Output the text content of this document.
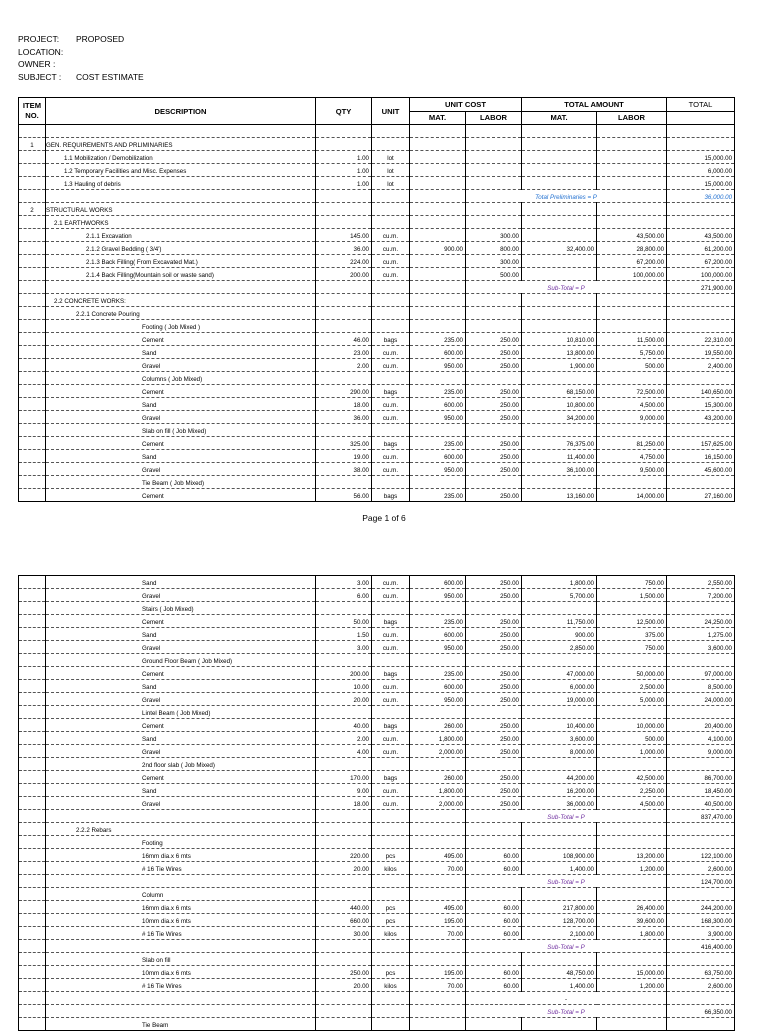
PROJECT: PROPOSED
LOCATION:
OWNER :
SUBJECT : COST ESTIMATE
ITEM
NO.	DESCRIPTION	QTY	UNIT	UNIT COST		TOTAL AMOUNT		TOTAL
				MAT.	LABOR	MAT.	LABOR	

1	GEN. REQUIREMENTS AND PRLIMINARIES							
	1.1 Mobilization / Demobilization	1.00	lot					15,000.00
	1.2 Temporary Facilities and Misc. Expenses	1.00	lot					6,000.00
	1.3 Hauling of debris	1.00	lot					15,000.00
					Total Preliminaries = P			36,000.00
2	STRUCTURAL WORKS							
	2.1 EARTHWORKS							
	2.1.1 Excavation	145.00	cu.m.		300.00		43,500.00	43,500.00
	2.1.2 Gravel Bedding ( 3/4')	36.00	cu.m.	900.00	800.00	32,400.00	28,800.00	61,200.00
	2.1.3 Back Filling( From Excavated Mat.)	224.00	cu.m.		300.00		67,200.00	67,200.00
	2.1.4 Back Filling(Mountain soil or waste sand)	200.00	cu.m.		500.00		100,000.00	100,000.00
					Sub-Total = P			271,900.00
	2.2 CONCRETE WORKS:							
	2.2.1 Concrete Pouring							
	Footing ( Job Mixed )							
	Cement	46.00	bags	235.00	250.00	10,810.00	11,500.00	22,310.00
	Sand	23.00	cu.m.	600.00	250.00	13,800.00	5,750.00	19,550.00
	Gravel	2.00	cu.m.	950.00	250.00	1,900.00	500.00	2,400.00
	Columns ( Job Mixed)							
	Cement	290.00	bags	235.00	250.00	68,150.00	72,500.00	140,650.00
	Sand	18.00	cu.m.	600.00	250.00	10,800.00	4,500.00	15,300.00
	Gravel	36.00	cu.m.	950.00	250.00	34,200.00	9,000.00	43,200.00
	Slab on fill ( Job Mixed)							
	Cement	325.00	bags	235.00	250.00	76,375.00	81,250.00	157,625.00
	Sand	19.00	cu.m.	600.00	250.00	11,400.00	4,750.00	16,150.00
	Gravel	38.00	cu.m.	950.00	250.00	36,100.00	9,500.00	45,600.00
	Tie Beam ( Job Mixed)							
	Cement	56.00	bags	235.00	250.00	13,160.00	14,000.00	27,160.00
Page 1 of 6
	Sand	3.00	cu.m.	600.00	250.00	1,800.00	750.00	2,550.00
	Gravel	6.00	cu.m.	950.00	250.00	5,700.00	1,500.00	7,200.00
	Stairs ( Job Mixed)							
	Cement	50.00	bags	235.00	250.00	11,750.00	12,500.00	24,250.00
	Sand	1.50	cu.m.	600.00	250.00	900.00	375.00	1,275.00
	Gravel	3.00	cu.m.	950.00	250.00	2,850.00	750.00	3,600.00
	Ground Floor Beam ( Job Mixed)							
	Cement	200.00	bags	235.00	250.00	47,000.00	50,000.00	97,000.00
	Sand	10.00	cu.m.	600.00	250.00	6,000.00	2,500.00	8,500.00
	Gravel	20.00	cu.m.	950.00	250.00	19,000.00	5,000.00	24,000.00
	Lintel Beam ( Job Mixed)							
	Cement	40.00	bags	260.00	250.00	10,400.00	10,000.00	20,400.00
	Sand	2.00	cu.m.	1,800.00	250.00	3,600.00	500.00	4,100.00
	Gravel	4.00	cu.m.	2,000.00	250.00	8,000.00	1,000.00	9,000.00
	2nd floor slab ( Job Mixed)							
	Cement	170.00	bags	260.00	250.00	44,200.00	42,500.00	86,700.00
	Sand	9.00	cu.m.	1,800.00	250.00	16,200.00	2,250.00	18,450.00
	Gravel	18.00	cu.m.	2,000.00	250.00	36,000.00	4,500.00	40,500.00
					Sub-Total = P			837,470.00
	2.2.2 Rebars							
	Footing							
	16mm dia.x 6 mts	220.00	pcs	495.00	60.00	108,900.00	13,200.00	122,100.00
	# 16 Tie Wires	20.00	kilos	70.00	60.00	1,400.00	1,200.00	2,600.00
					Sub-Total = P			124,700.00
	Column							
	16mm dia.x 6 mts	440.00	pcs	495.00	60.00	217,800.00	26,400.00	244,200.00
	10mm dia.x 6 mts	660.00	pcs	195.00	60.00	128,700.00	39,600.00	168,300.00
	# 16 Tie Wires	30.00	kilos	70.00	60.00	2,100.00	1,800.00	3,900.00
					Sub-Total = P			416,400.00
	Slab on fill							
	10mm dia.x 6 mts	250.00	pcs	195.00	60.00	48,750.00	15,000.00	63,750.00
	# 16 Tie Wires	20.00	kilos	70.00	60.00	1,400.00	1,200.00	2,600.00
					-			
					Sub-Total = P			66,350.00
	Tie Beam							
